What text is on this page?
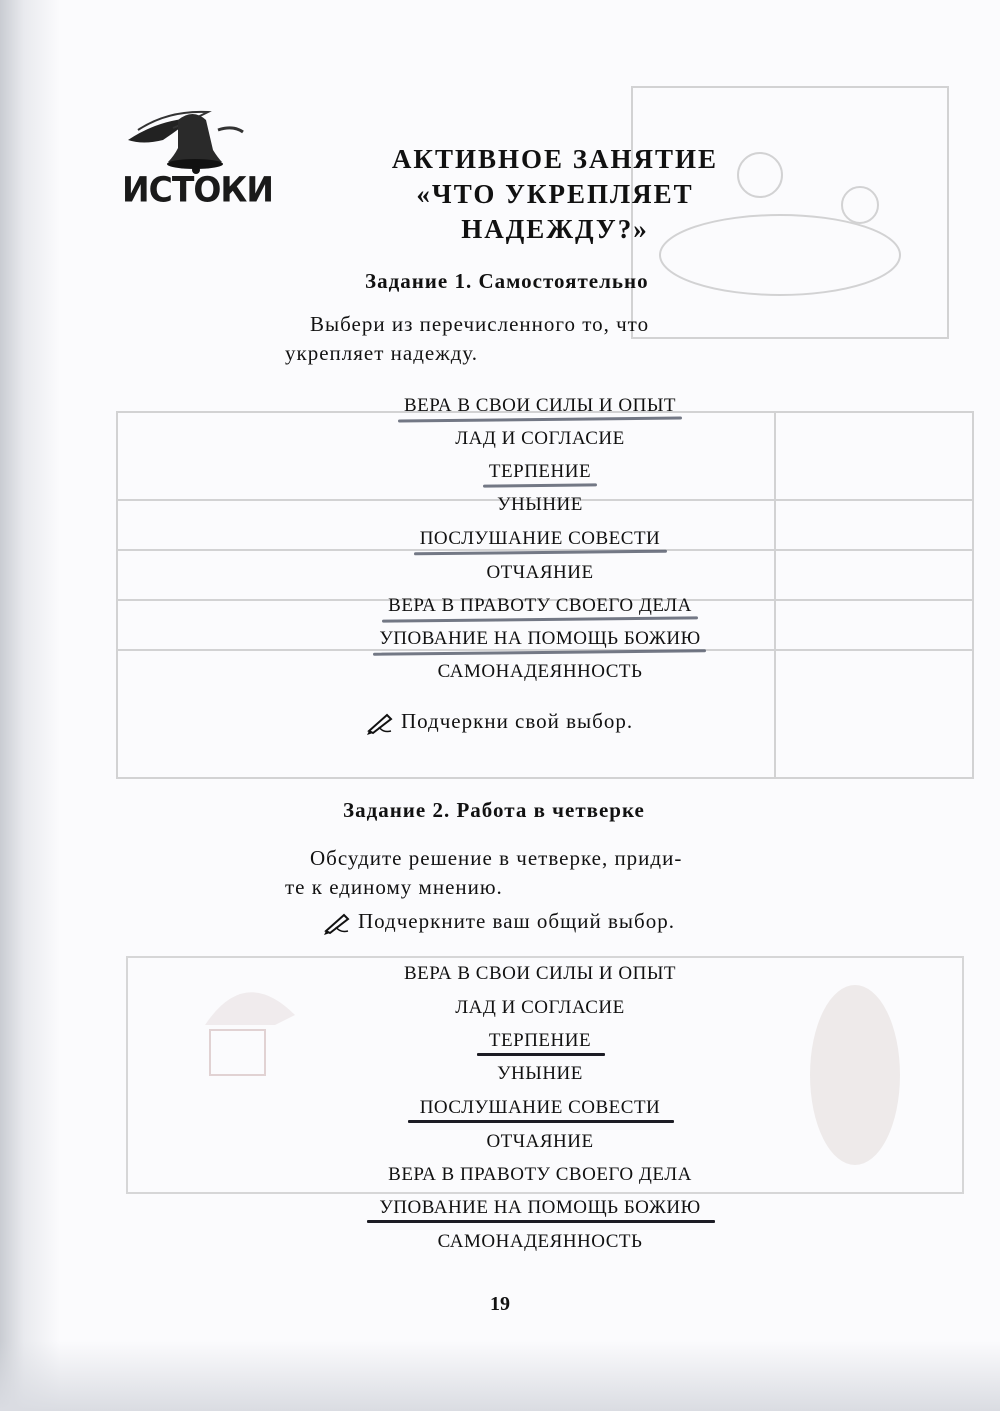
ИСТОКИ
АКТИВНОЕ ЗАНЯТИЕ
«ЧТО УКРЕПЛЯЕТ
НАДЕЖДУ?»
Задание 1. Самостоятельно
Выбери из перечисленного то, что
укрепляет надежду.
ВЕРА В СВОИ СИЛЫ И ОПЫТ
ЛАД И СОГЛАСИЕ
ТЕРПЕНИЕ
УНЫНИЕ
ПОСЛУШАНИЕ СОВЕСТИ
ОТЧАЯНИЕ
ВЕРА В ПРАВОТУ СВОЕГО ДЕЛА
УПОВАНИЕ НА ПОМОЩЬ БОЖИЮ
САМОНАДЕЯННОСТЬ
Подчеркни свой выбор.
Задание 2. Работа в четверке
Обсудите решение в четверке, приди-
те к единому мнению.
Подчеркните ваш общий выбор.
ВЕРА В СВОИ СИЛЫ И ОПЫТ
ЛАД И СОГЛАСИЕ
ТЕРПЕНИЕ
УНЫНИЕ
ПОСЛУШАНИЕ СОВЕСТИ
ОТЧАЯНИЕ
ВЕРА В ПРАВОТУ СВОЕГО ДЕЛА
УПОВАНИЕ НА ПОМОЩЬ БОЖИЮ
САМОНАДЕЯННОСТЬ
19
